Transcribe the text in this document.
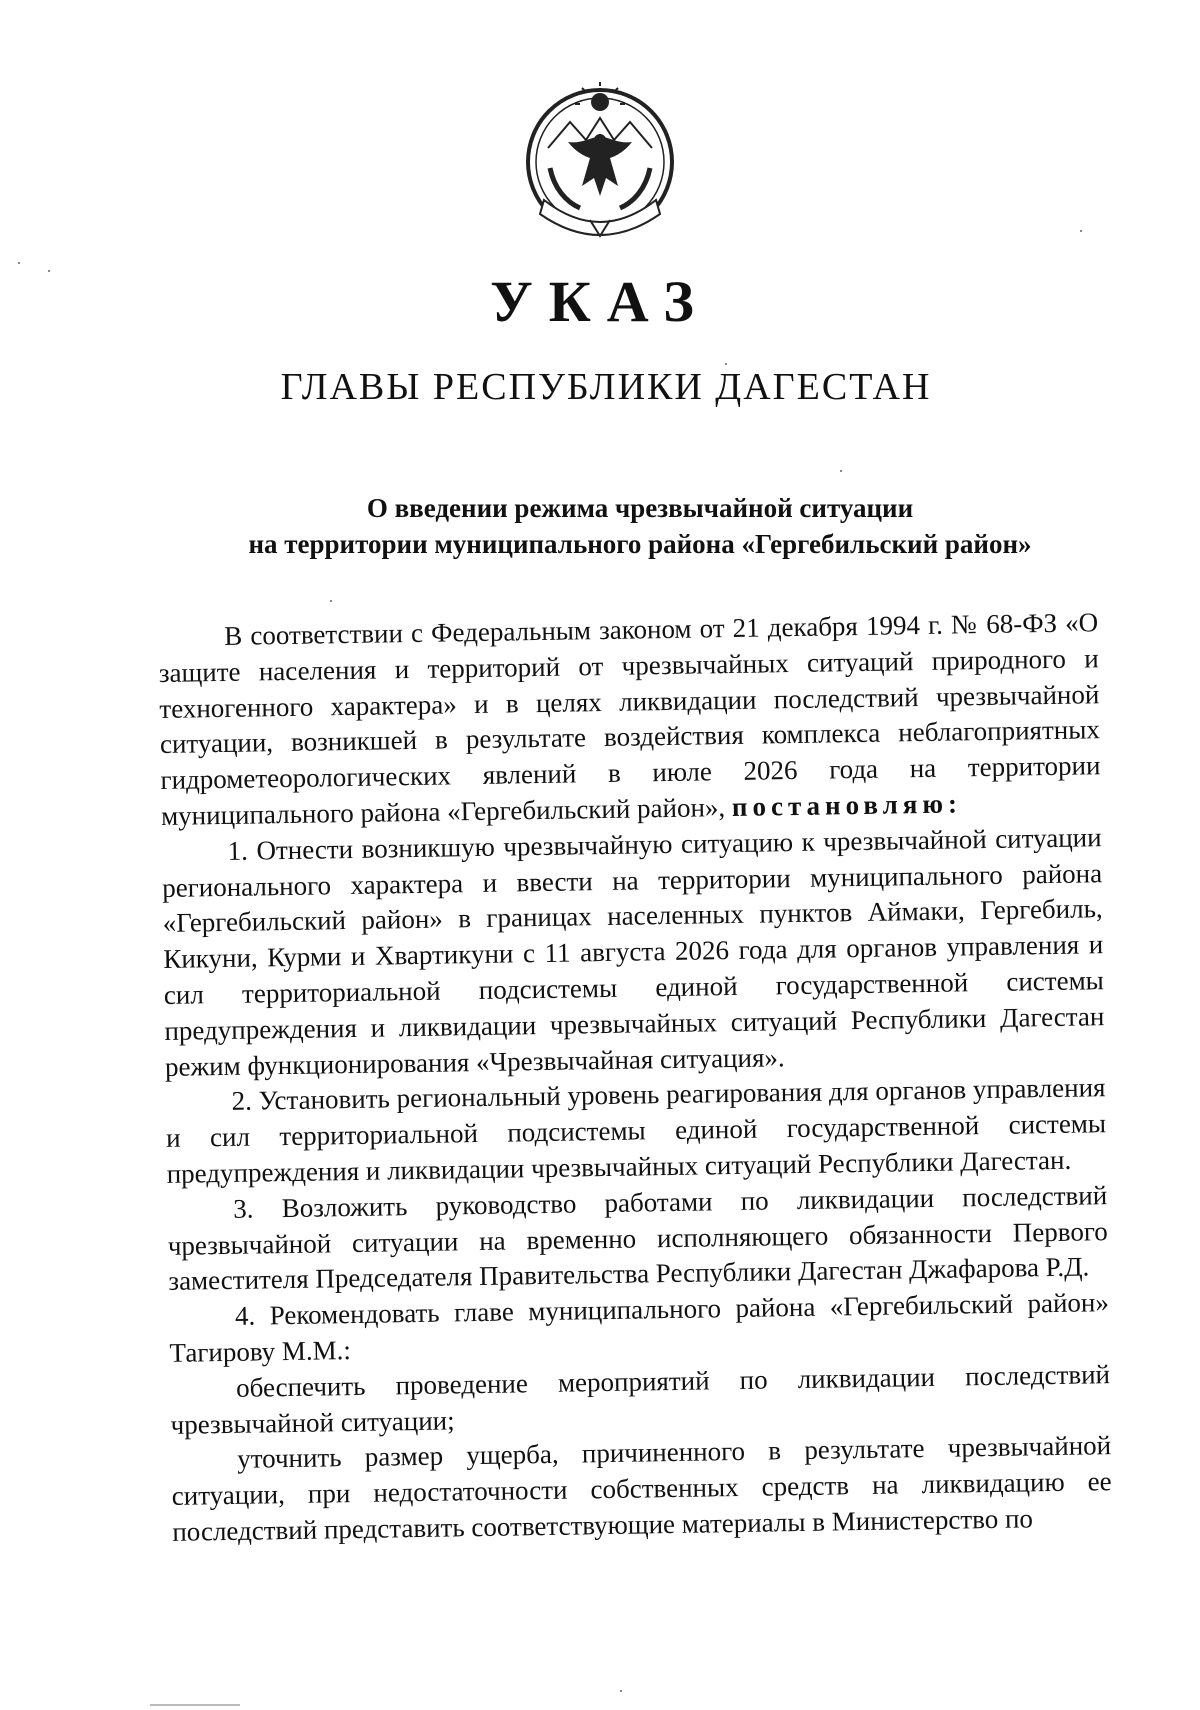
УКАЗ
ГЛАВЫ РЕСПУБЛИКИ ДАГЕСТАН
О введении режима чрезвычайной ситуации
на территории муниципального района «Гергебильский район»

В соответствии с Федеральным законом от 21 декабря 1994 г. № 68-ФЗ «О защите населения и территорий от чрезвычайных ситуаций природного и техногенного характера» и в целях ликвидации последствий чрезвычайной ситуации, возникшей в результате воздействия комплекса неблагоприятных гидрометеорологических явлений в июле 2026 года на территории муниципального района «Гергебильский район», постановляю:

1. Отнести возникшую чрезвычайную ситуацию к чрезвычайной ситуации регионального характера и ввести на территории муниципального района «Гергебильский район» в границах населенных пунктов Аймаки, Гергебиль, Кикуни, Курми и Хвартикуни с 11 августа 2026 года для органов управления и сил территориальной подсистемы единой государственной системы предупреждения и ликвидации чрезвычайных ситуаций Республики Дагестан режим функционирования «Чрезвычайная ситуация».

2. Установить региональный уровень реагирования для органов управления и сил территориальной подсистемы единой государственной системы предупреждения и ликвидации чрезвычайных ситуаций Республики Дагестан.

3. Возложить руководство работами по ликвидации последствий чрезвычайной ситуации на временно исполняющего обязанности Первого заместителя Председателя Правительства Республики Дагестан Джафарова Р.Д.

4. Рекомендовать главе муниципального района «Гергебильский район» Тагирову М.М.:

обеспечить проведение мероприятий по ликвидации последствий чрезвычайной ситуации;

уточнить размер ущерба, причиненного в результате чрезвычайной ситуации, при недостаточности собственных средств на ликвидацию ее последствий представить соответствующие материалы в Министерство по
